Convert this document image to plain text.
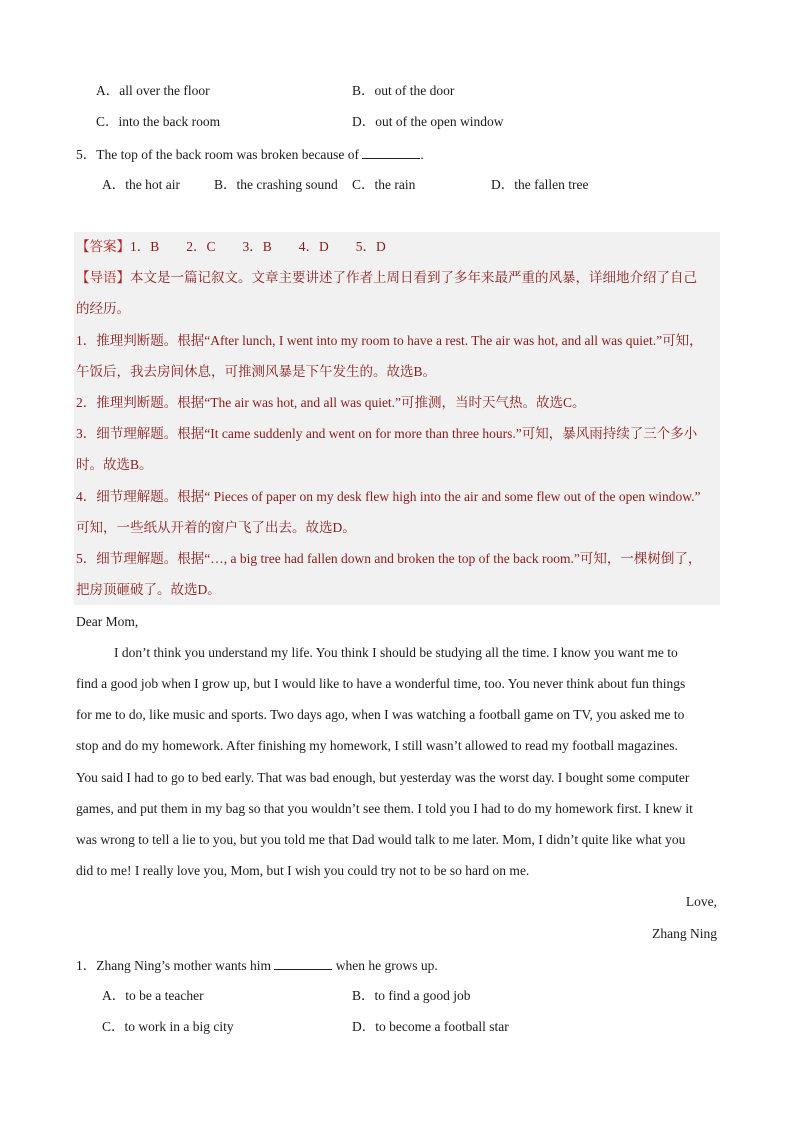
A．all over the floor	B．out of the door
C．into the back room	D．out of the open window
5．The top of the back room was broken because of	.
A．the hot air	B．the crashing sound C．the rain	D．the fallen tree
【答案】1．B　　2．C　　3．B　　4．D　　5．D
【导语】本文是一篇记叙文。文章主要讲述了作者上周日看到了多年来最严重的风暴，详细地介绍了自己
的经历。
1．推理判断题。根据“After lunch, I went into my room to have a rest. The air was hot, and all was quiet.”可知，
午饭后，我去房间休息，可推测风暴是下午发生的。故选B。
2．推理判断题。根据“The air was hot, and all was quiet.”可推测，当时天气热。故选C。
3．细节理解题。根据“It came suddenly and went on for more than three hours.”可知，暴风雨持续了三个多小
时。故选B。
4．细节理解题。根据“ Pieces of paper on my desk flew high into the air and some flew out of the open window.”
可知，一些纸从开着的窗户飞了出去。故选D。
5．细节理解题。根据“…, a big tree had fallen down and broken the top of the back room.”可知，一棵树倒了，
把房顶砸破了。故选D。
Dear Mom,
I don’t think you understand my life. You think I should be studying all the time. I know you want me to
find a good job when I grow up, but I would like to have a wonderful time, too. You never think about fun things
for me to do, like music and sports. Two days ago, when I was watching a football game on TV, you asked me to
stop and do my homework. After finishing my homework, I still wasn’t allowed to read my football magazines.
You said I had to go to bed early. That was bad enough, but yesterday was the worst day. I bought some computer
games, and put them in my bag so that you wouldn’t see them. I told you I had to do my homework first. I knew it
was wrong to tell a lie to you, but you told me that Dad would talk to me later. Mom, I didn’t quite like what you
did to me! I really love you, Mom, but I wish you could try not to be so hard on me.
Love,
Zhang Ning
1．Zhang Ning’s mother wants him	when he grows up.
A．to be a teacher	B．to find a good job
C．to work in a big city	D．to become a football star
